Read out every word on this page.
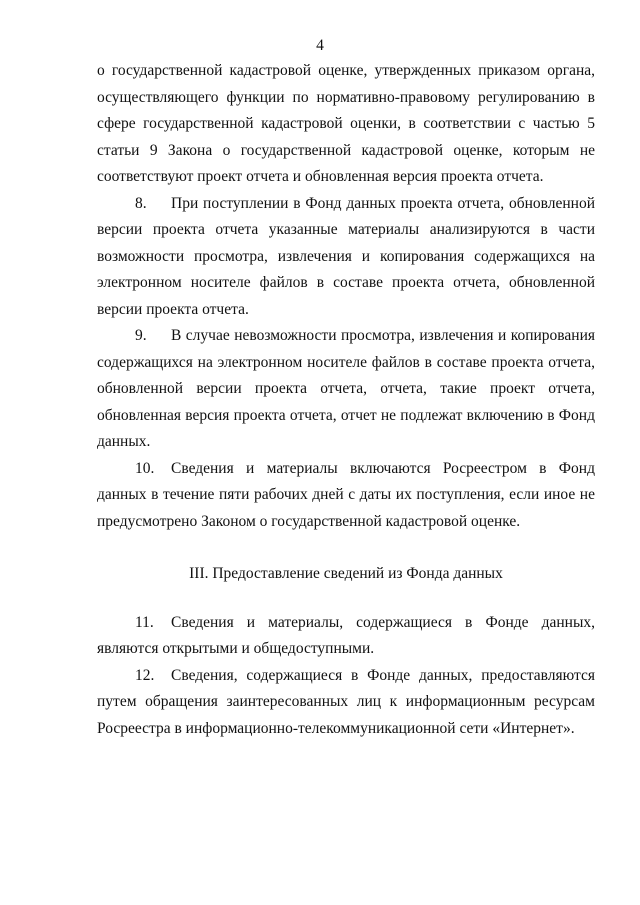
4

о государственной кадастровой оценке, утвержденных приказом органа, осуществляющего функции по нормативно-правовому регулированию в сфере государственной кадастровой оценки, в соответствии с частью 5 статьи 9 Закона о государственной кадастровой оценке, которым не соответствуют проект отчета и обновленная версия проекта отчета.

8. При поступлении в Фонд данных проекта отчета, обновленной версии проекта отчета указанные материалы анализируются в части возможности просмотра, извлечения и копирования содержащихся на электронном носителе файлов в составе проекта отчета, обновленной версии проекта отчета.

9. В случае невозможности просмотра, извлечения и копирования содержащихся на электронном носителе файлов в составе проекта отчета, обновленной версии проекта отчета, отчета, такие проект отчета, обновленная версия проекта отчета, отчет не подлежат включению в Фонд данных.

10. Сведения и материалы включаются Росреестром в Фонд данных в течение пяти рабочих дней с даты их поступления, если иное не предусмотрено Законом о государственной кадастровой оценке.

III. Предоставление сведений из Фонда данных

11. Сведения и материалы, содержащиеся в Фонде данных, являются открытыми и общедоступными.

12. Сведения, содержащиеся в Фонде данных, предоставляются путем обращения заинтересованных лиц к информационным ресурсам Росреестра в информационно-телекоммуникационной сети «Интернет».
